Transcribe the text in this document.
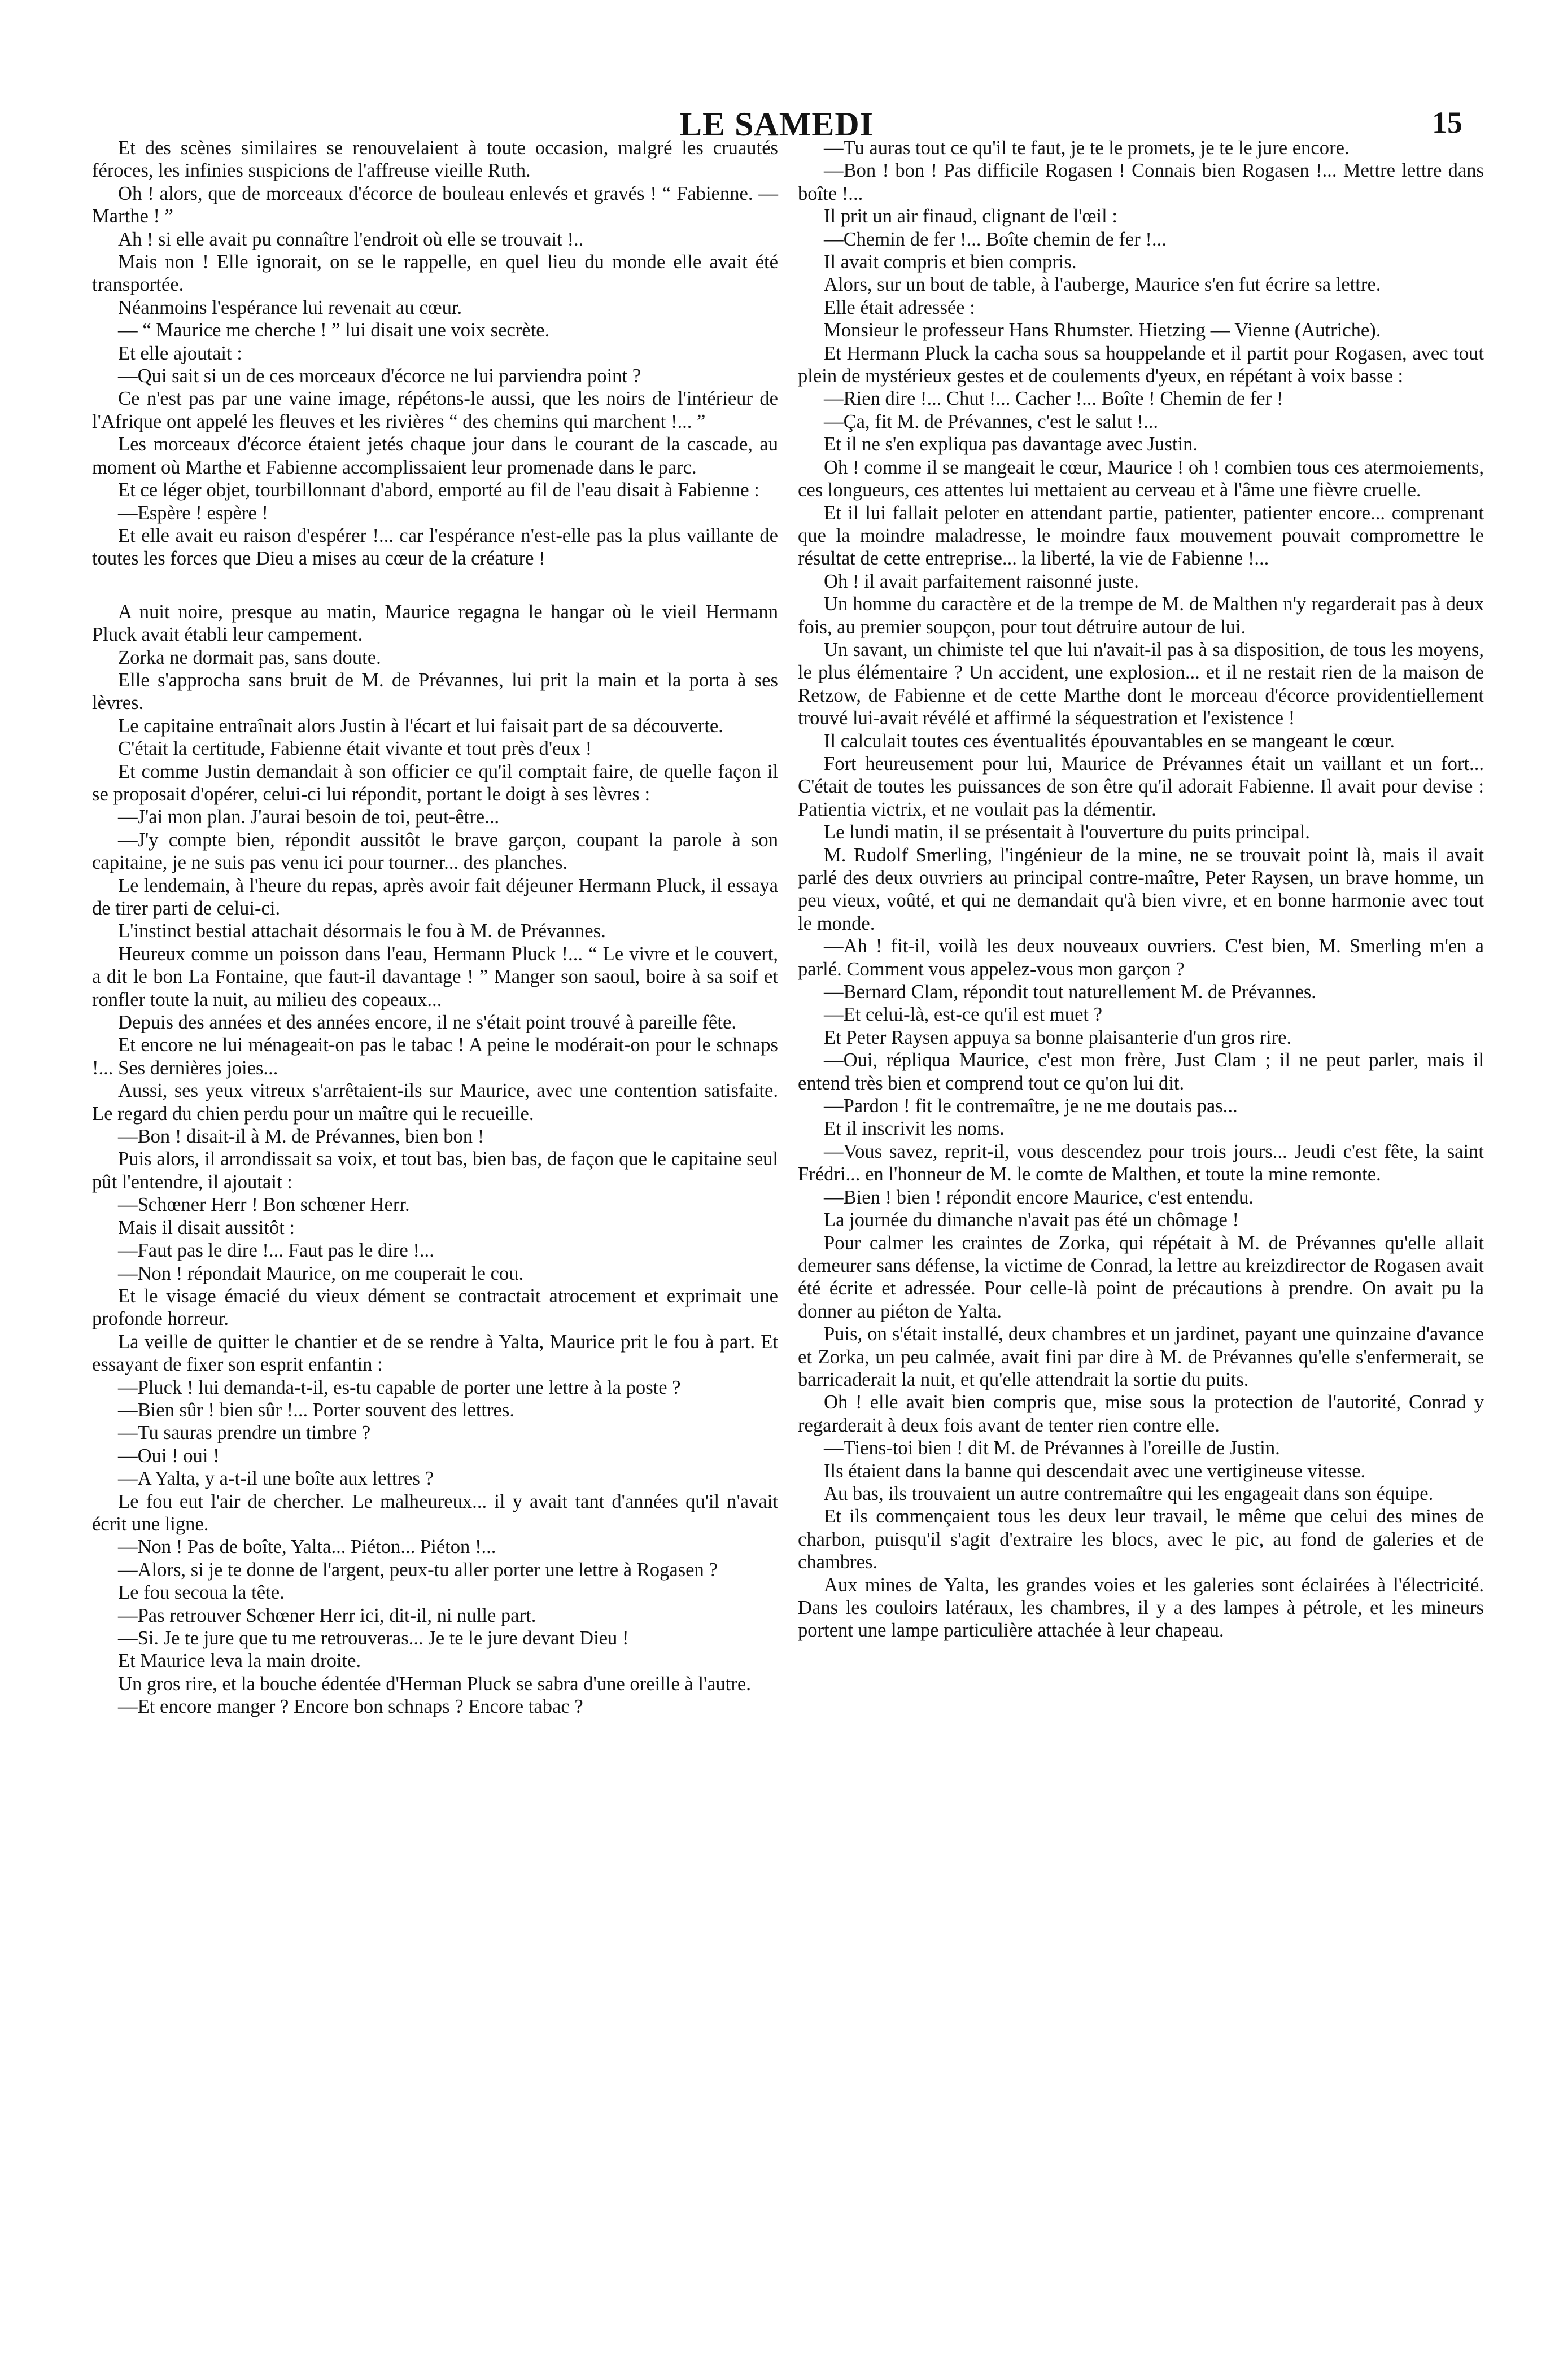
LE SAMEDI	15

Et des scènes similaires se renouvelaient à toute occasion, malgré les cruautés féroces, les infinies suspicions de l'affreuse vieille Ruth.

Oh ! alors, que de morceaux d'écorce de bouleau enlevés et gravés ! “ Fabienne. — Marthe ! ”

Ah ! si elle avait pu connaître l'endroit où elle se trouvait !..

Mais non ! Elle ignorait, on se le rappelle, en quel lieu du monde elle avait été transportée.

Néanmoins l'espérance lui revenait au cœur.

— “ Maurice me cherche ! ” lui disait une voix secrète.

Et elle ajoutait :

—Qui sait si un de ces morceaux d'écorce ne lui parviendra point ?

Ce n'est pas par une vaine image, répétons-le aussi, que les noirs de l'intérieur de l'Afrique ont appelé les fleuves et les rivières “ des chemins qui marchent !... ”

Les morceaux d'écorce étaient jetés chaque jour dans le courant de la cascade, au moment où Marthe et Fabienne accomplissaient leur promenade dans le parc.

Et ce léger objet, tourbillonnant d'abord, emporté au fil de l'eau disait à Fabienne :

—Espère ! espère !

Et elle avait eu raison d'espérer !... car l'espérance n'est-elle pas la plus vaillante de toutes les forces que Dieu a mises au cœur de la créature !

A nuit noire, presque au matin, Maurice regagna le hangar où le vieil Hermann Pluck avait établi leur campement.

Zorka ne dormait pas, sans doute.

Elle s'approcha sans bruit de M. de Prévannes, lui prit la main et la porta à ses lèvres.

Le capitaine entraînait alors Justin à l'écart et lui faisait part de sa découverte.

C'était la certitude, Fabienne était vivante et tout près d'eux !

Et comme Justin demandait à son officier ce qu'il comptait faire, de quelle façon il se proposait d'opérer, celui-ci lui répondit, portant le doigt à ses lèvres :

—J'ai mon plan. J'aurai besoin de toi, peut-être...

—J'y compte bien, répondit aussitôt le brave garçon, coupant la parole à son capitaine, je ne suis pas venu ici pour tourner... des planches.

Le lendemain, à l'heure du repas, après avoir fait déjeuner Hermann Pluck, il essaya de tirer parti de celui-ci.

L'instinct bestial attachait désormais le fou à M. de Prévannes.

Heureux comme un poisson dans l'eau, Hermann Pluck !... “ Le vivre et le couvert, a dit le bon La Fontaine, que faut-il davantage ! ” Manger son saoul, boire à sa soif et ronfler toute la nuit, au milieu des copeaux...

Depuis des années et des années encore, il ne s'était point trouvé à pareille fête.

Et encore ne lui ménageait-on pas le tabac ! A peine le modérait-on pour le schnaps !... Ses dernières joies...

Aussi, ses yeux vitreux s'arrêtaient-ils sur Maurice, avec une contention satisfaite. Le regard du chien perdu pour un maître qui le recueille.

—Bon ! disait-il à M. de Prévannes, bien bon !

Puis alors, il arrondissait sa voix, et tout bas, bien bas, de façon que le capitaine seul pût l'entendre, il ajoutait :

—Schœner Herr ! Bon schœner Herr.

Mais il disait aussitôt :

—Faut pas le dire !... Faut pas le dire !...

—Non ! répondait Maurice, on me couperait le cou.

Et le visage émacié du vieux dément se contractait atrocement et exprimait une profonde horreur.

La veille de quitter le chantier et de se rendre à Yalta, Maurice prit le fou à part. Et essayant de fixer son esprit enfantin :

—Pluck ! lui demanda-t-il, es-tu capable de porter une lettre à la poste ?

—Bien sûr ! bien sûr !... Porter souvent des lettres.

—Tu sauras prendre un timbre ?

—Oui ! oui !

—A Yalta, y a-t-il une boîte aux lettres ?

Le fou eut l'air de chercher. Le malheureux... il y avait tant d'années qu'il n'avait écrit une ligne.

—Non ! Pas de boîte, Yalta... Piéton... Piéton !...

—Alors, si je te donne de l'argent, peux-tu aller porter une lettre à Rogasen ?

Le fou secoua la tête.

—Pas retrouver Schœner Herr ici, dit-il, ni nulle part.

—Si. Je te jure que tu me retrouveras... Je te le jure devant Dieu !

Et Maurice leva la main droite.

Un gros rire, et la bouche édentée d'Herman Pluck se sabra d'une oreille à l'autre.

—Et encore manger ? Encore bon schnaps ? Encore tabac ?

—Tu auras tout ce qu'il te faut, je te le promets, je te le jure encore.

—Bon ! bon ! Pas difficile Rogasen ! Connais bien Rogasen !... Mettre lettre dans boîte !...

Il prit un air finaud, clignant de l'œil :

—Chemin de fer !... Boîte chemin de fer !...

Il avait compris et bien compris.

Alors, sur un bout de table, à l'auberge, Maurice s'en fut écrire sa lettre.

Elle était adressée :

Monsieur le professeur Hans Rhumster. Hietzing — Vienne (Autriche).

Et Hermann Pluck la cacha sous sa houppelande et il partit pour Rogasen, avec tout plein de mystérieux gestes et de coulements d'yeux, en répétant à voix basse :

—Rien dire !... Chut !... Cacher !... Boîte ! Chemin de fer !

—Ça, fit M. de Prévannes, c'est le salut !...

Et il ne s'en expliqua pas davantage avec Justin.

Oh ! comme il se mangeait le cœur, Maurice ! oh ! combien tous ces atermoiements, ces longueurs, ces attentes lui mettaient au cerveau et à l'âme une fièvre cruelle.

Et il lui fallait peloter en attendant partie, patienter, patienter encore... comprenant que la moindre maladresse, le moindre faux mouvement pouvait compromettre le résultat de cette entreprise... la liberté, la vie de Fabienne !...

Oh ! il avait parfaitement raisonné juste.

Un homme du caractère et de la trempe de M. de Malthen n'y regarderait pas à deux fois, au premier soupçon, pour tout détruire autour de lui.

Un savant, un chimiste tel que lui n'avait-il pas à sa disposition, de tous les moyens, le plus élémentaire ? Un accident, une explosion... et il ne restait rien de la maison de Retzow, de Fabienne et de cette Marthe dont le morceau d'écorce providentiellement trouvé lui-avait révélé et affirmé la séquestration et l'existence !

Il calculait toutes ces éventualités épouvantables en se mangeant le cœur.

Fort heureusement pour lui, Maurice de Prévannes était un vaillant et un fort... C'était de toutes les puissances de son être qu'il adorait Fabienne. Il avait pour devise : Patientia victrix, et ne voulait pas la démentir.

Le lundi matin, il se présentait à l'ouverture du puits principal.

M. Rudolf Smerling, l'ingénieur de la mine, ne se trouvait point là, mais il avait parlé des deux ouvriers au principal contre-maître, Peter Raysen, un brave homme, un peu vieux, voûté, et qui ne demandait qu'à bien vivre, et en bonne harmonie avec tout le monde.

—Ah ! fit-il, voilà les deux nouveaux ouvriers. C'est bien, M. Smerling m'en a parlé. Comment vous appelez-vous mon garçon ?

—Bernard Clam, répondit tout naturellement M. de Prévannes.

—Et celui-là, est-ce qu'il est muet ?

Et Peter Raysen appuya sa bonne plaisanterie d'un gros rire.

—Oui, répliqua Maurice, c'est mon frère, Just Clam ; il ne peut parler, mais il entend très bien et comprend tout ce qu'on lui dit.

—Pardon ! fit le contremaître, je ne me doutais pas...

Et il inscrivit les noms.

—Vous savez, reprit-il, vous descendez pour trois jours... Jeudi c'est fête, la saint Frédri... en l'honneur de M. le comte de Malthen, et toute la mine remonte.

—Bien ! bien ! répondit encore Maurice, c'est entendu.

La journée du dimanche n'avait pas été un chômage !

Pour calmer les craintes de Zorka, qui répétait à M. de Prévannes qu'elle allait demeurer sans défense, la victime de Conrad, la lettre au kreizdirector de Rogasen avait été écrite et adressée. Pour celle-là point de précautions à prendre. On avait pu la donner au piéton de Yalta.

Puis, on s'était installé, deux chambres et un jardinet, payant une quinzaine d'avance et Zorka, un peu calmée, avait fini par dire à M. de Prévannes qu'elle s'enfermerait, se barricaderait la nuit, et qu'elle attendrait la sortie du puits.

Oh ! elle avait bien compris que, mise sous la protection de l'autorité, Conrad y regarderait à deux fois avant de tenter rien contre elle.

—Tiens-toi bien ! dit M. de Prévannes à l'oreille de Justin.

Ils étaient dans la banne qui descendait avec une vertigineuse vitesse.

Au bas, ils trouvaient un autre contremaître qui les engageait dans son équipe.

Et ils commençaient tous les deux leur travail, le même que celui des mines de charbon, puisqu'il s'agit d'extraire les blocs, avec le pic, au fond de galeries et de chambres.

Aux mines de Yalta, les grandes voies et les galeries sont éclairées à l'électricité. Dans les couloirs latéraux, les chambres, il y a des lampes à pétrole, et les mineurs portent une lampe particulière attachée à leur chapeau.
